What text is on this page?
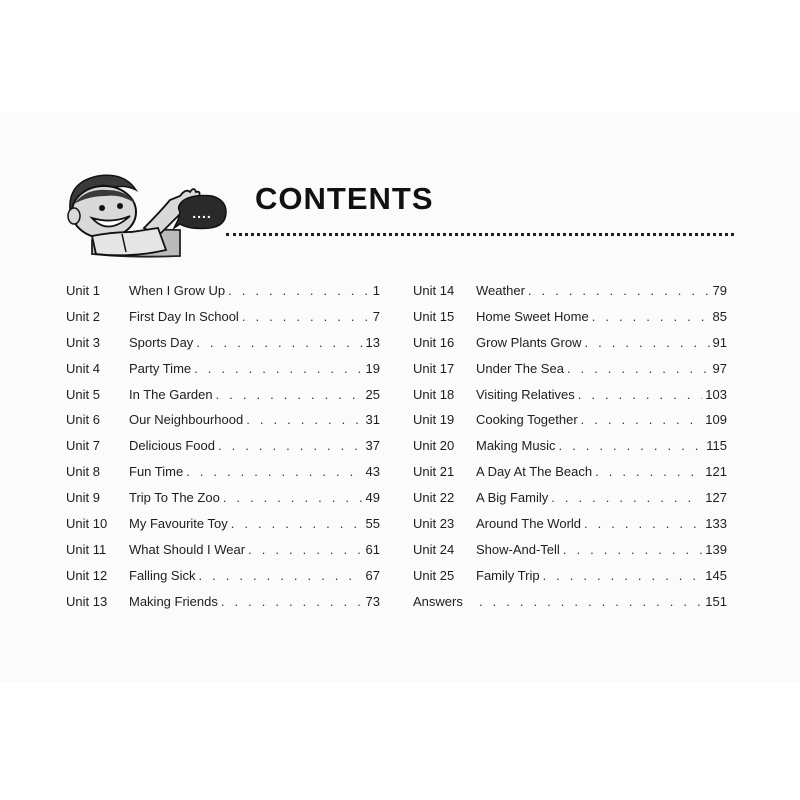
.... CONTENTS
Unit 1	When I Grow Up . . .	1
Unit 2	First Day In School . . .	7
Unit 3	Sports Day . . .	13
Unit 4	Party Time . . .	19
Unit 5	In The Garden . . .	25
Unit 6	Our Neighbourhood . . .	31
Unit 7	Delicious Food . . .	37
Unit 8	Fun Time . . .	43
Unit 9	Trip To The Zoo . . .	49
Unit 10	My Favourite Toy . . .	55
Unit 11	What Should I Wear . . .	61
Unit 12	Falling Sick . . .	67
Unit 13	Making Friends . . .	73
Unit 14	Weather . . .	79
Unit 15	Home Sweet Home . . .	85
Unit 16	Grow Plants Grow . . .	91
Unit 17	Under The Sea . . .	97
Unit 18	Visiting Relatives . . .	103
Unit 19	Cooking Together . . .	109
Unit 20	Making Music . . .	115
Unit 21	A Day At The Beach . . .	121
Unit 22	A Big Family . . .	127
Unit 23	Around The World . . .	133
Unit 24	Show-And-Tell . . .	139
Unit 25	Family Trip . . .	145
Answers . . .	151
